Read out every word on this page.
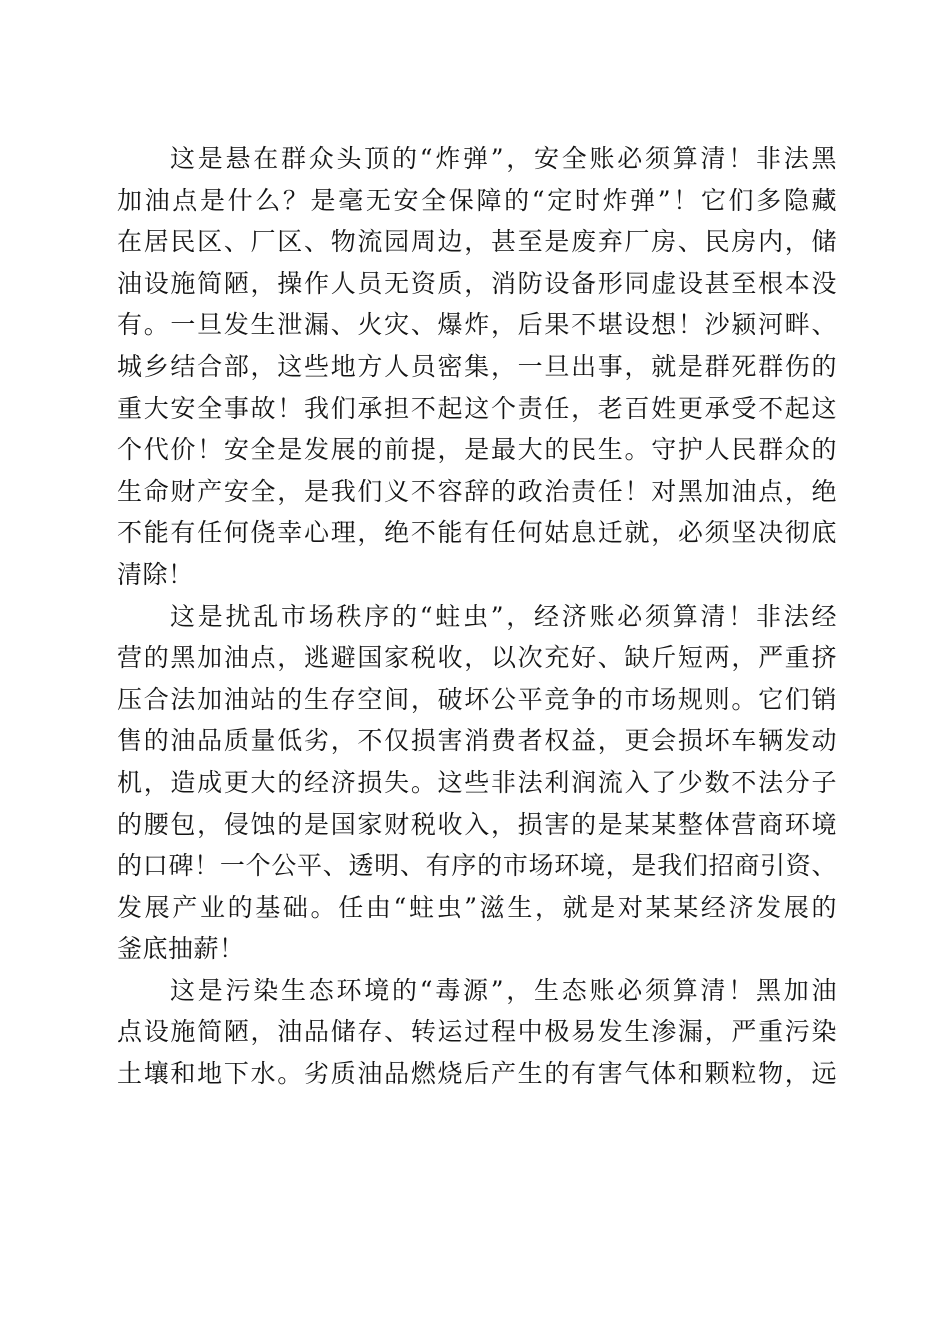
这是悬在群众头顶的“炸弹”，安全账必须算清！非法黑
加油点是什么？是毫无安全保障的“定时炸弹”！它们多隐藏
在居民区、厂区、物流园周边，甚至是废弃厂房、民房内，储
油设施简陋，操作人员无资质，消防设备形同虚设甚至根本没
有。一旦发生泄漏、火灾、爆炸，后果不堪设想！沙颍河畔、
城乡结合部，这些地方人员密集，一旦出事，就是群死群伤的
重大安全事故！我们承担不起这个责任，老百姓更承受不起这
个代价！安全是发展的前提，是最大的民生。守护人民群众的
生命财产安全，是我们义不容辞的政治责任！对黑加油点，绝
不能有任何侥幸心理，绝不能有任何姑息迁就，必须坚决彻底
清除！
这是扰乱市场秩序的“蛀虫”，经济账必须算清！非法经
营的黑加油点，逃避国家税收，以次充好、缺斤短两，严重挤
压合法加油站的生存空间，破坏公平竞争的市场规则。它们销
售的油品质量低劣，不仅损害消费者权益，更会损坏车辆发动
机，造成更大的经济损失。这些非法利润流入了少数不法分子
的腰包，侵蚀的是国家财税收入，损害的是某某整体营商环境
的口碑！一个公平、透明、有序的市场环境，是我们招商引资、
发展产业的基础。任由“蛀虫”滋生，就是对某某经济发展的
釜底抽薪！
这是污染生态环境的“毒源”，生态账必须算清！黑加油
点设施简陋，油品储存、转运过程中极易发生渗漏，严重污染
土壤和地下水。劣质油品燃烧后产生的有害气体和颗粒物，远
